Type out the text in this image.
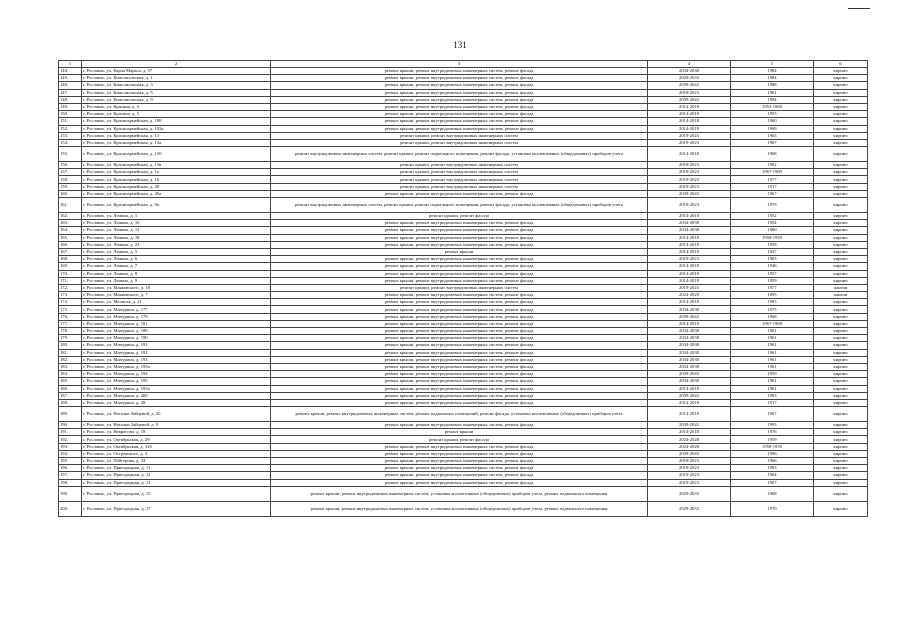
131
1	2	3	4	5	6
144.	г. Рославль, ул. Карла Маркса, д. 57	ремонт крыши, ремонт внутридомовых инженерных систем, ремонт фасада	2034-2038	1984	кирпич
145.	г. Рославль, ул. Комсомольская, д. 1	ремонт крыши, ремонт внутридомовых инженерных систем, ремонт фасада	2029-2033	1984	кирпич
146.	г. Рославль, ул. Комсомольская, д. 3	ремонт крыши, ремонт внутридомовых инженерных систем, ремонт фасада	2039-2043	1988	кирпич
147.	г. Рославль, ул. Комсомольская, д. 5	ремонт крыши, ремонт внутридомовых инженерных систем, ремонт фасада	2019-2023	1961	кирпич
148.	г. Рославль, ул. Комсомольская, д. 9	ремонт крыши, ремонт внутридомовых инженерных систем, ремонт фасада	2039-2043	1994	кирпич
149.	г. Рославль, ул. Красина, д. 3	ремонт крыши, ремонт внутридомовых инженерных систем, ремонт фасада	2014-2018	1953-1960	кирпич
150.	г. Рославль, ул. Красина, д. 5	ремонт крыши, ремонт внутридомовых инженерных систем, ремонт фасада	2014-2018	1955	кирпич
151.	г. Рославль, ул. Красноармейская, д. 100	ремонт крыши, ремонт внутридомовых инженерных систем, ремонт фасада	2014-2018	1960	кирпич
152.	г. Рославль, ул. Красноармейская, д. 102а	ремонт крыши, ремонт внутридомовых инженерных систем, ремонт фасада	2014-2018	1969	кирпич
153.	г. Рославль, ул. Красноармейская, д. 13	ремонт крыши, ремонт внутридомовых инженерных систем	2019-2023	1963	кирпич
154.	г. Рославль, ул. Красноармейская, д. 13а	ремонт крыши, ремонт внутридомовых инженерных систем	2019-2023	1967	кирпич
155.	г. Рославль, ул. Красноармейская, д. 13б	ремонт внутридомовых инженерных систем, ремонт крыши, ремонт подвального помещения, ремонт фасада, установка коллективных (общедомовых) приборов учета	2014-2018	1968	кирпич
156.	г. Рославль, ул. Красноармейская, д. 13в	ремонт крыши, ремонт внутридомовых инженерных систем	2019-2023	1982	кирпич
157.	г. Рославль, ул. Красноармейская, д. 1а	ремонт крыши, ремонт внутридомовых инженерных систем	2019-2023	1967-1969	кирпич
158.	г. Рославль, ул. Красноармейская, д. 16	ремонт крыши, ремонт внутридомовых инженерных систем	2019-2023	1977	кирпич
159.	г. Рославль, ул. Красноармейская, д. 49	ремонт крыши, ремонт внутридомовых инженерных систем	2019-2023	1917	кирпич
160.	г. Рославль, ул. Красноармейская, д. 49а	ремонт крыши, ремонт внутридомовых инженерных систем, ремонт фасада	2039-2043	1967	кирпич
161.	г. Рославль, ул. Красноармейская, д. 9а	ремонт внутридомовых инженерных систем, ремонт крыши, ремонт подвального помещения, ремонт фасада, установка коллективных (общедомовых) приборов учета	2019-2023	1979	кирпич
162.	г. Рославль, ул. Ленина, д. 1	ремонт крыши, ремонт фасада	2014-2018	1952	кирпич
163.	г. Рославль, ул. Ленина, д. 10	ремонт крыши, ремонт внутридомовых инженерных систем, ремонт фасада	2034-2038	1954	кирпич
164.	г. Рославль, ул. Ленина, д. 12	ремонт крыши, ремонт внутридомовых инженерных систем, ремонт фасада	2034-2038	1960	кирпич
165.	г. Рославль, ул. Ленина, д. 18	ремонт крыши, ремонт внутридомовых инженерных систем, ремонт фасада	2014-2018	1958-1959	кирпич
166.	г. Рославль, ул. Ленина, д. 23	ремонт крыши, ремонт внутридомовых инженерных систем, ремонт фасада	2014-2018	1958	кирпич
167.	г. Рославль, ул. Ленина, д. 5	ремонт крыши	2014-2018	1947	кирпич
168.	г. Рославль, ул. Ленина, д. 6	ремонт крыши, ремонт внутридомовых инженерных систем, ремонт фасада	2019-2023	1963	кирпич
169.	г. Рославль, ул. Ленина, д. 7	ремонт крыши, ремонт внутридомовых инженерных систем, ремонт фасада	2014-2018	1946	кирпич
170.	г. Рославль, ул. Ленина, д. 8	ремонт крыши, ремонт внутридомовых инженерных систем, ремонт фасада	2014-2018	1957	кирпич
171.	г. Рославль, ул. Ленина, д. 9	ремонт крыши, ремонт внутридомовых инженерных систем, ремонт фасада	2014-2018	1959	кирпич
172.	г. Рославль, ул. Маяковского, д. 18	ремонт крыши, ремонт внутридомовых инженерных систем	2019-2023	1977	панели
173.	г. Рославль, ул. Маяковского, д. 7	ремонт крыши, ремонт внутридомовых инженерных систем, ремонт фасада	2024-2028	1995	панели
174.	г. Рославль, ул. Мелиоза, д. 21	ремонт крыши, ремонт внутридомовых инженерных систем, ремонт фасада	2014-2018	1985	кирпич
175.	г. Рославль, ул. Мичурина, д. 177	ремонт крыши, ремонт внутридомовых инженерных систем, ремонт фасада	2034-2038	1975	кирпич
176.	г. Рославль, ул. Мичурина, д. 179	ремонт крыши, ремонт внутридомовых инженерных систем, ремонт фасада	2039-2043	1968	кирпич
177.	г. Рославль, ул. Мичурина, д. 181	ремонт крыши, ремонт внутридомовых инженерных систем, ремонт фасада	2014-2018	1967-1968	кирпич
178.	г. Рославль, ул. Мичурина, д. 189	ремонт крыши, ремонт внутридомовых инженерных систем, ремонт фасада	2034-2038	1961	кирпич
179.	г. Рославль, ул. Мичурина, д. 190	ремонт крыши, ремонт внутридомовых инженерных систем, ремонт фасада	2034-2038	1961	кирпич
180.	г. Рославль, ул. Мичурина, д. 191	ремонт крыши, ремонт внутридомовых инженерных систем, ремонт фасада	2034-2038	1961	кирпич
181.	г. Рославль, ул. Мичурина, д. 192	ремонт крыши, ремонт внутридомовых инженерных систем, ремонт фасада	2034-2038	1961	кирпич
182.	г. Рославль, ул. Мичурина, д. 193	ремонт крыши, ремонт внутридомовых инженерных систем, ремонт фасада	2034-2038	1961	кирпич
183.	г. Рославль, ул. Мичурина, д. 193а	ремонт крыши, ремонт внутридомовых инженерных систем, ремонт фасада	2034-2038	1961	кирпич
184.	г. Рославль, ул. Мичурина, д. 194	ремонт крыши, ремонт внутридомовых инженерных систем, ремонт фасада	2039-2043	1959	кирпич
185.	г. Рославль, ул. Мичурина, д. 195	ремонт крыши, ремонт внутридомовых инженерных систем, ремонт фасада	2034-2038	1961	кирпич
186.	г. Рославль, ул. Мичурина, д. 195а	ремонт крыши, ремонт внутридомовых инженерных систем, ремонт фасада	2014-2018	1961	кирпич
187.	г. Рославль, ул. Мичурина, д. 200	ремонт крыши, ремонт внутридомовых инженерных систем, ремонт фасада	2039-2043	1963	кирпич
188.	г. Рославль, ул. Мичурина, д. 28	ремонт крыши, ремонт внутридомовых инженерных систем, ремонт фасада	2014-2018	1917	кирпич
189.	г. Рославль, ул. Натальи Зайцевой, д. 50	ремонт крыши, ремонт внутридомовых инженерных систем, ремонт подвальных помещений, ремонт фасада, установка коллективных (общедомовых) приборов учета	2014-2018	1967	кирпич
190.	г. Рославль, ул. Натальи Зайцевой, д. 9	ремонт крыши, ремонт внутридомовых инженерных систем, ремонт фасада	2039-2043	1993	кирпич
191.	г. Рославль, ул. Некрасова, д. 18	ремонт крыши	2014-2018	1976	кирпич
192.	г. Рославль, ул. Октябрьская, д. 29	ремонт крыши, ремонт фасада	2024-2028	1959	кирпич
193.	г. Рославль, ул. Октябрьская, д. 32б	ремонт крыши, ремонт внутридомовых инженерных систем, ремонт фасада	2024-2028	1958-1959	кирпич
194.	г. Рославль, ул. Островского, д. 3	ремонт крыши, ремонт внутридомовых инженерных систем, ремонт фасада	2039-2043	1996	кирпич
195.	г. Рославль, ул. Пайгерова, д. 24	ремонт крыши, ремонт внутридомовых инженерных систем, ремонт фасада	2019-2023	1966	кирпич
196.	г. Рославль, ул. Пригородная, д. 11	ремонт крыши, ремонт внутридомовых инженерных систем, ремонт фасада	2019-2023	1963	кирпич
197.	г. Рославль, ул. Пригородная, д. 12	ремонт крыши, ремонт внутридомовых инженерных систем, ремонт фасада	2019-2023	1964	кирпич
198.	г. Рославль, ул. Пригородная, д. 13	ремонт крыши, ремонт внутридомовых инженерных систем, ремонт фасада	2019-2023	1967	кирпич
199.	г. Рославль, ул. Пригородная, д. 15	ремонт крыши, ремонт внутридомовых инженерных систем, установка коллективных (общедомовых) приборов учета, ремонт подвального помещения	2029-2033	1968	кирпич
200.	г. Рославль, ул. Пригородная, д. 17	ремонт крыши, ремонт внутридомовых инженерных систем, установка коллективных (общедомовых) приборов учета, ремонт подвального помещения	2029-2033	1970	кирпич
